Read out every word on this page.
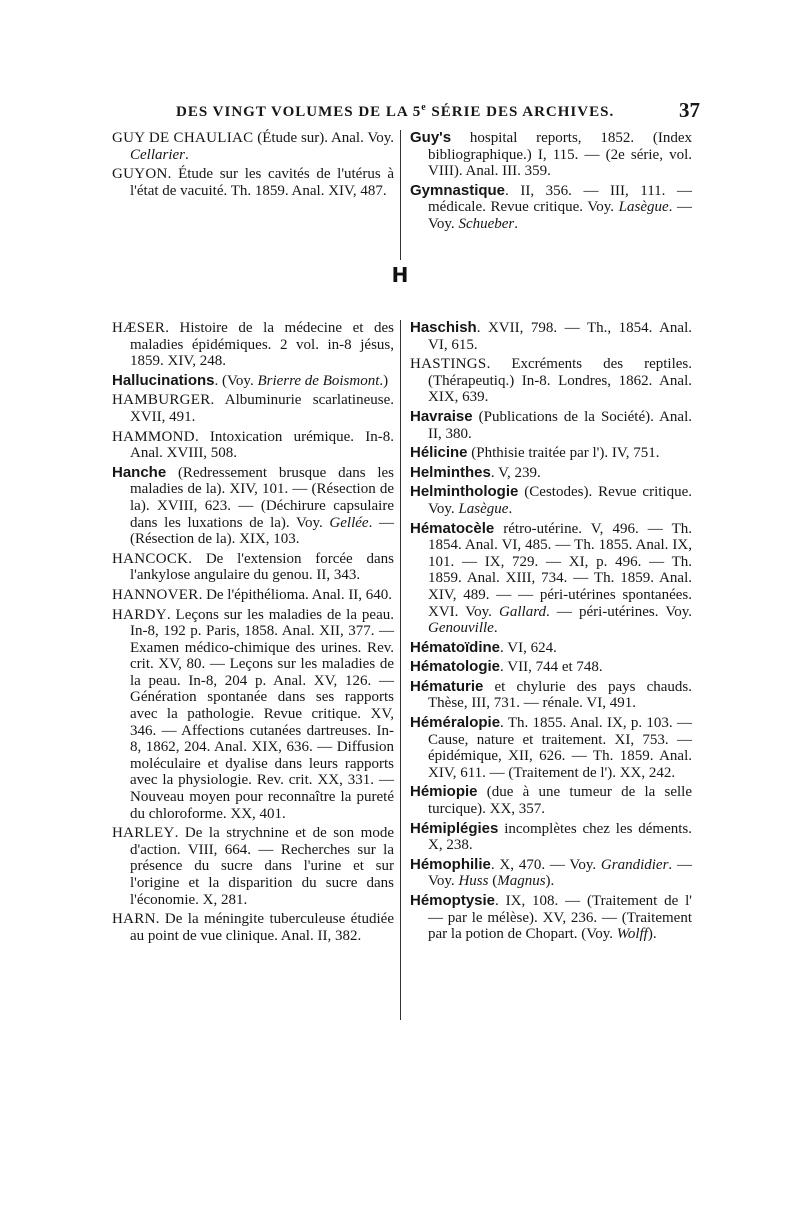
DES VINGT VOLUMES DE LA 5e SÉRIE DES ARCHIVES.	37

GUY DE CHAULIAC (Étude sur). Anal. Voy. Cellarier.

GUYON. Étude sur les cavités de l'utérus à l'état de vacuité. Th. 1859. Anal. XIV, 487.

Guy's hospital reports, 1852. (Index bibliographique.) I, 115. — (2e série, vol. VIII). Anal. III. 359.

Gymnastique. II, 356. — III, 111. — médicale. Revue critique. Voy. Lasègue. — Voy. Schueber.

H

HÆSER. Histoire de la médecine et des maladies épidémiques. 2 vol. in-8 jésus, 1859. XIV, 248.

Hallucinations. (Voy. Brierre de Boismont.)

HAMBURGER. Albuminurie scarlatineuse. XVII, 491.

HAMMOND. Intoxication urémique. In-8. Anal. XVIII, 508.

Hanche (Redressement brusque dans les maladies de la). XIV, 101. — (Résection de la). XVIII, 623. — (Déchirure capsulaire dans les luxations de la). Voy. Gellée. — (Résection de la). XIX, 103.

HANCOCK. De l'extension forcée dans l'ankylose angulaire du genou. II, 343.

HANNOVER. De l'épithélioma. Anal. II, 640.

HARDY. Leçons sur les maladies de la peau. In-8, 192 p. Paris, 1858. Anal. XII, 377. — Examen médico-chimique des urines. Rev. crit. XV, 80. — Leçons sur les maladies de la peau. In-8, 204 p. Anal. XV, 126. — Génération spontanée dans ses rapports avec la pathologie. Revue critique. XV, 346. — Affections cutanées dartreuses. In-8, 1862, 204. Anal. XIX, 636. — Diffusion moléculaire et dyalise dans leurs rapports avec la physiologie. Rev. crit. XX, 331. — Nouveau moyen pour reconnaître la pureté du chloroforme. XX, 401.

HARLEY. De la strychnine et de son mode d'action. VIII, 664. — Recherches sur la présence du sucre dans l'urine et sur l'origine et la disparition du sucre dans l'économie. X, 281.

HARN. De la méningite tuberculeuse étudiée au point de vue clinique. Anal. II, 382.

Haschish. XVII, 798. — Th., 1854. Anal. VI, 615.

HASTINGS. Excréments des reptiles. (Thérapeutiq.) In-8. Londres, 1862. Anal. XIX, 639.

Havraise (Publications de la Société). Anal. II, 380.

Hélicine (Phthisie traitée par l'). IV, 751.

Helminthes. V, 239.

Helminthologie (Cestodes). Revue critique. Voy. Lasègue.

Hématocèle rétro-utérine. V, 496. — Th. 1854. Anal. VI, 485. — Th. 1855. Anal. IX, 101. — IX, 729. — XI, p. 496. — Th. 1859. Anal. XIII, 734. — Th. 1859. Anal. XIV, 489. — — péri-utérines spontanées. XVI. Voy. Gallard. — péri-utérines. Voy. Genouville.

Hématoïdine. VI, 624.

Hématologie. VII, 744 et 748.

Hématurie et chylurie des pays chauds. Thèse, III, 731. — rénale. VI, 491.

Héméralopie. Th. 1855. Anal. IX, p. 103. — Cause, nature et traitement. XI, 753. — épidémique, XII, 626. — Th. 1859. Anal. XIV, 611. — (Traitement de l'). XX, 242.

Hémiopie (due à une tumeur de la selle turcique). XX, 357.

Hémiplégies incomplètes chez les déments. X, 238.

Hémophilie. X, 470. — Voy. Grandidier. — Voy. Huss (Magnus).

Hémoptysie. IX, 108. — (Traitement de l' — par le mélèse). XV, 236. — (Traitement par la potion de Chopart. (Voy. Wolff).
